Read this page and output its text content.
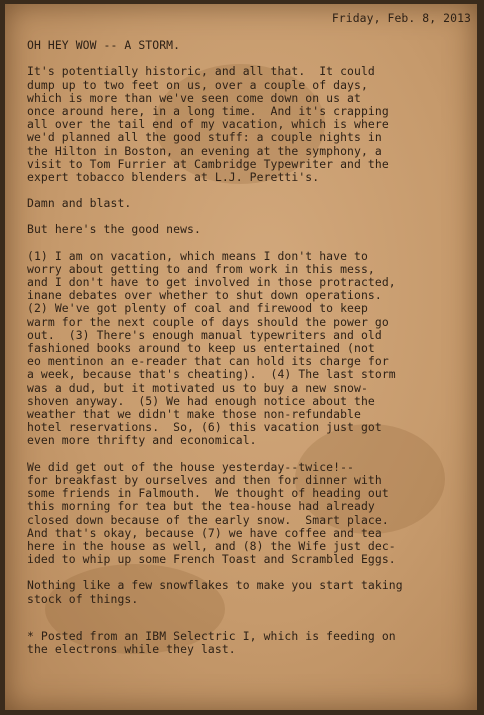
Friday, Feb. 8, 2013
OH HEY WOW -- A STORM.
It's potentially historic, and all that.  It could
dump up to two feet on us, over a couple of days,
which is more than we've seen come down on us at
once around here, in a long time.  And it's crapping
all over the tail end of my vacation, which is where
we'd planned all the good stuff: a couple nights in
the Hilton in Boston, an evening at the symphony, a
visit to Tom Furrier at Cambridge Typewriter and the
expert tobacco blenders at L.J. Peretti's.
Damn and blast.
But here's the good news.
(1) I am on vacation, which means I don't have to
worry about getting to and from work in this mess,
and I don't have to get involved in those protracted,
inane debates over whether to shut down operations.
(2) We've got plenty of coal and firewood to keep
warm for the next couple of days should the power go
out.  (3) There's enough manual typewriters and old
fashioned books around to keep us entertained (not
eo mentinon an e-reader that can hold its charge for
a week, because that's cheating).  (4) The last storm
was a dud, but it motivated us to buy a new snow-
shoven anyway.  (5) We had enough notice about the
weather that we didn't make those non-refundable
hotel reservations.  So, (6) this vacation just got
even more thrifty and economical.
We did get out of the house yesterday--twice!--
for breakfast by ourselves and then for dinner with
some friends in Falmouth.  We thought of heading out
this morning for tea but the tea-house had already
closed down because of the early snow.  Smart place.
And that's okay, because (7) we have coffee and tea
here in the house as well, and (8) the Wife just dec-
ided to whip up some French Toast and Scrambled Eggs.
Nothing like a few snowflakes to make you start taking
stock of things.
* Posted from an IBM Selectric I, which is feeding on
the electrons while they last.
